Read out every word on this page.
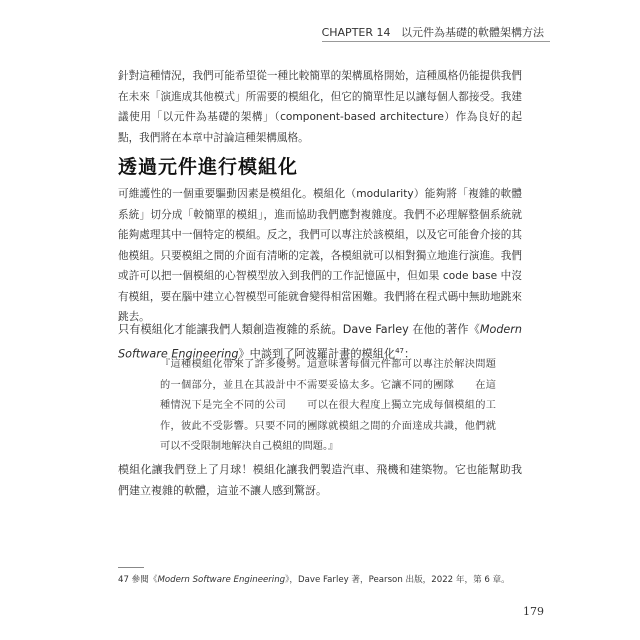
CHAPTER 14 以元件為基礎的軟體架構方法
針對這種情況，我們可能希望從一種比較簡單的架構風格開始，這種風格仍能提供我們在未來「演進成其他模式」所需要的模組化，但它的簡單性足以讓每個人都接受。我建議使用「以元件為基礎的架構」（component-based architecture）作為良好的起點，我們將在本章中討論這種架構風格。
透過元件進行模組化
可維護性的一個重要驅動因素是模組化。模組化（modularity）能夠將「複雜的軟體系統」切分成「較簡單的模組」，進而協助我們應對複雜度。我們不必理解整個系統就能夠處理其中一個特定的模組。反之，我們可以專注於該模組，以及它可能會介接的其他模組。只要模組之間的介面有清晰的定義，各模組就可以相對獨立地進行演進。我們或許可以把一個模組的心智模型放入到我們的工作記憶區中，但如果 code base 中沒有模組，要在腦中建立心智模型可能就會變得相當困難。我們將在程式碼中無助地跳來跳去。
只有模組化才能讓我們人類創造複雜的系統。Dave Farley 在他的著作《Modern Software Engineering》中談到了阿波羅計畫的模組化$^{47}$：
『這種模組化帶來了許多優勢。這意味著每個元件都可以專注於解決問題的一個部分，並且在其設計中不需要妥協太多。它讓不同的團隊　　在這種情況下是完全不同的公司　　可以在很大程度上獨立完成每個模組的工作，彼此不受影響。只要不同的團隊就模組之間的介面達成共識，他們就可以不受限制地解決自己模組的問題。』
模組化讓我們登上了月球！模組化讓我們製造汽車、飛機和建築物。它也能幫助我們建立複雜的軟體，這並不讓人感到驚訝。
47 參閱《Modern Software Engineering》，Dave Farley 著，Pearson 出版，2022 年，第 6 章。
179
